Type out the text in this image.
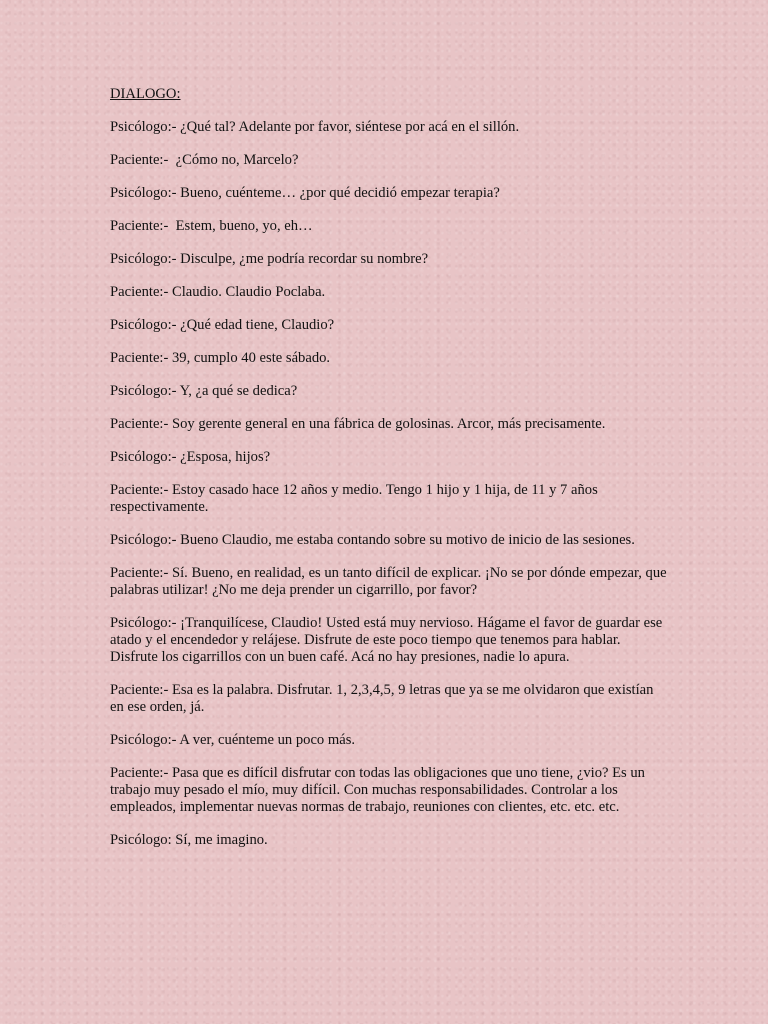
DIALOGO:

Psicólogo:- ¿Qué tal? Adelante por favor, siéntese por acá en el sillón.

Paciente:-  ¿Cómo no, Marcelo?

Psicólogo:- Bueno, cuénteme… ¿por qué decidió empezar terapia?

Paciente:-  Estem, bueno, yo, eh…

Psicólogo:- Disculpe, ¿me podría recordar su nombre?

Paciente:- Claudio. Claudio Poclaba.

Psicólogo:- ¿Qué edad tiene, Claudio?

Paciente:- 39, cumplo 40 este sábado.

Psicólogo:- Y, ¿a qué se dedica?

Paciente:- Soy gerente general en una fábrica de golosinas. Arcor, más precisamente.

Psicólogo:- ¿Esposa, hijos?

Paciente:- Estoy casado hace 12 años y medio. Tengo 1 hijo y 1 hija, de 11 y 7 años respectivamente.

Psicólogo:- Bueno Claudio, me estaba contando sobre su motivo de inicio de las sesiones.

Paciente:- Sí. Bueno, en realidad, es un tanto difícil de explicar. ¡No se por dónde empezar, que palabras utilizar! ¿No me deja prender un cigarrillo, por favor?

Psicólogo:- ¡Tranquilícese, Claudio! Usted está muy nervioso. Hágame el favor de guardar ese atado y el encendedor y relájese. Disfrute de este poco tiempo que tenemos para hablar. Disfrute los cigarrillos con un buen café. Acá no hay presiones, nadie lo apura.

Paciente:- Esa es la palabra. Disfrutar. 1, 2,3,4,5, 9 letras que ya se me olvidaron que existían en ese orden, já.

Psicólogo:- A ver, cuénteme un poco más.

Paciente:- Pasa que es difícil disfrutar con todas las obligaciones que uno tiene, ¿vio? Es un trabajo muy pesado el mío, muy difícil. Con muchas responsabilidades. Controlar a los empleados, implementar nuevas normas de trabajo, reuniones con clientes, etc. etc. etc.

Psicólogo: Sí, me imagino.
